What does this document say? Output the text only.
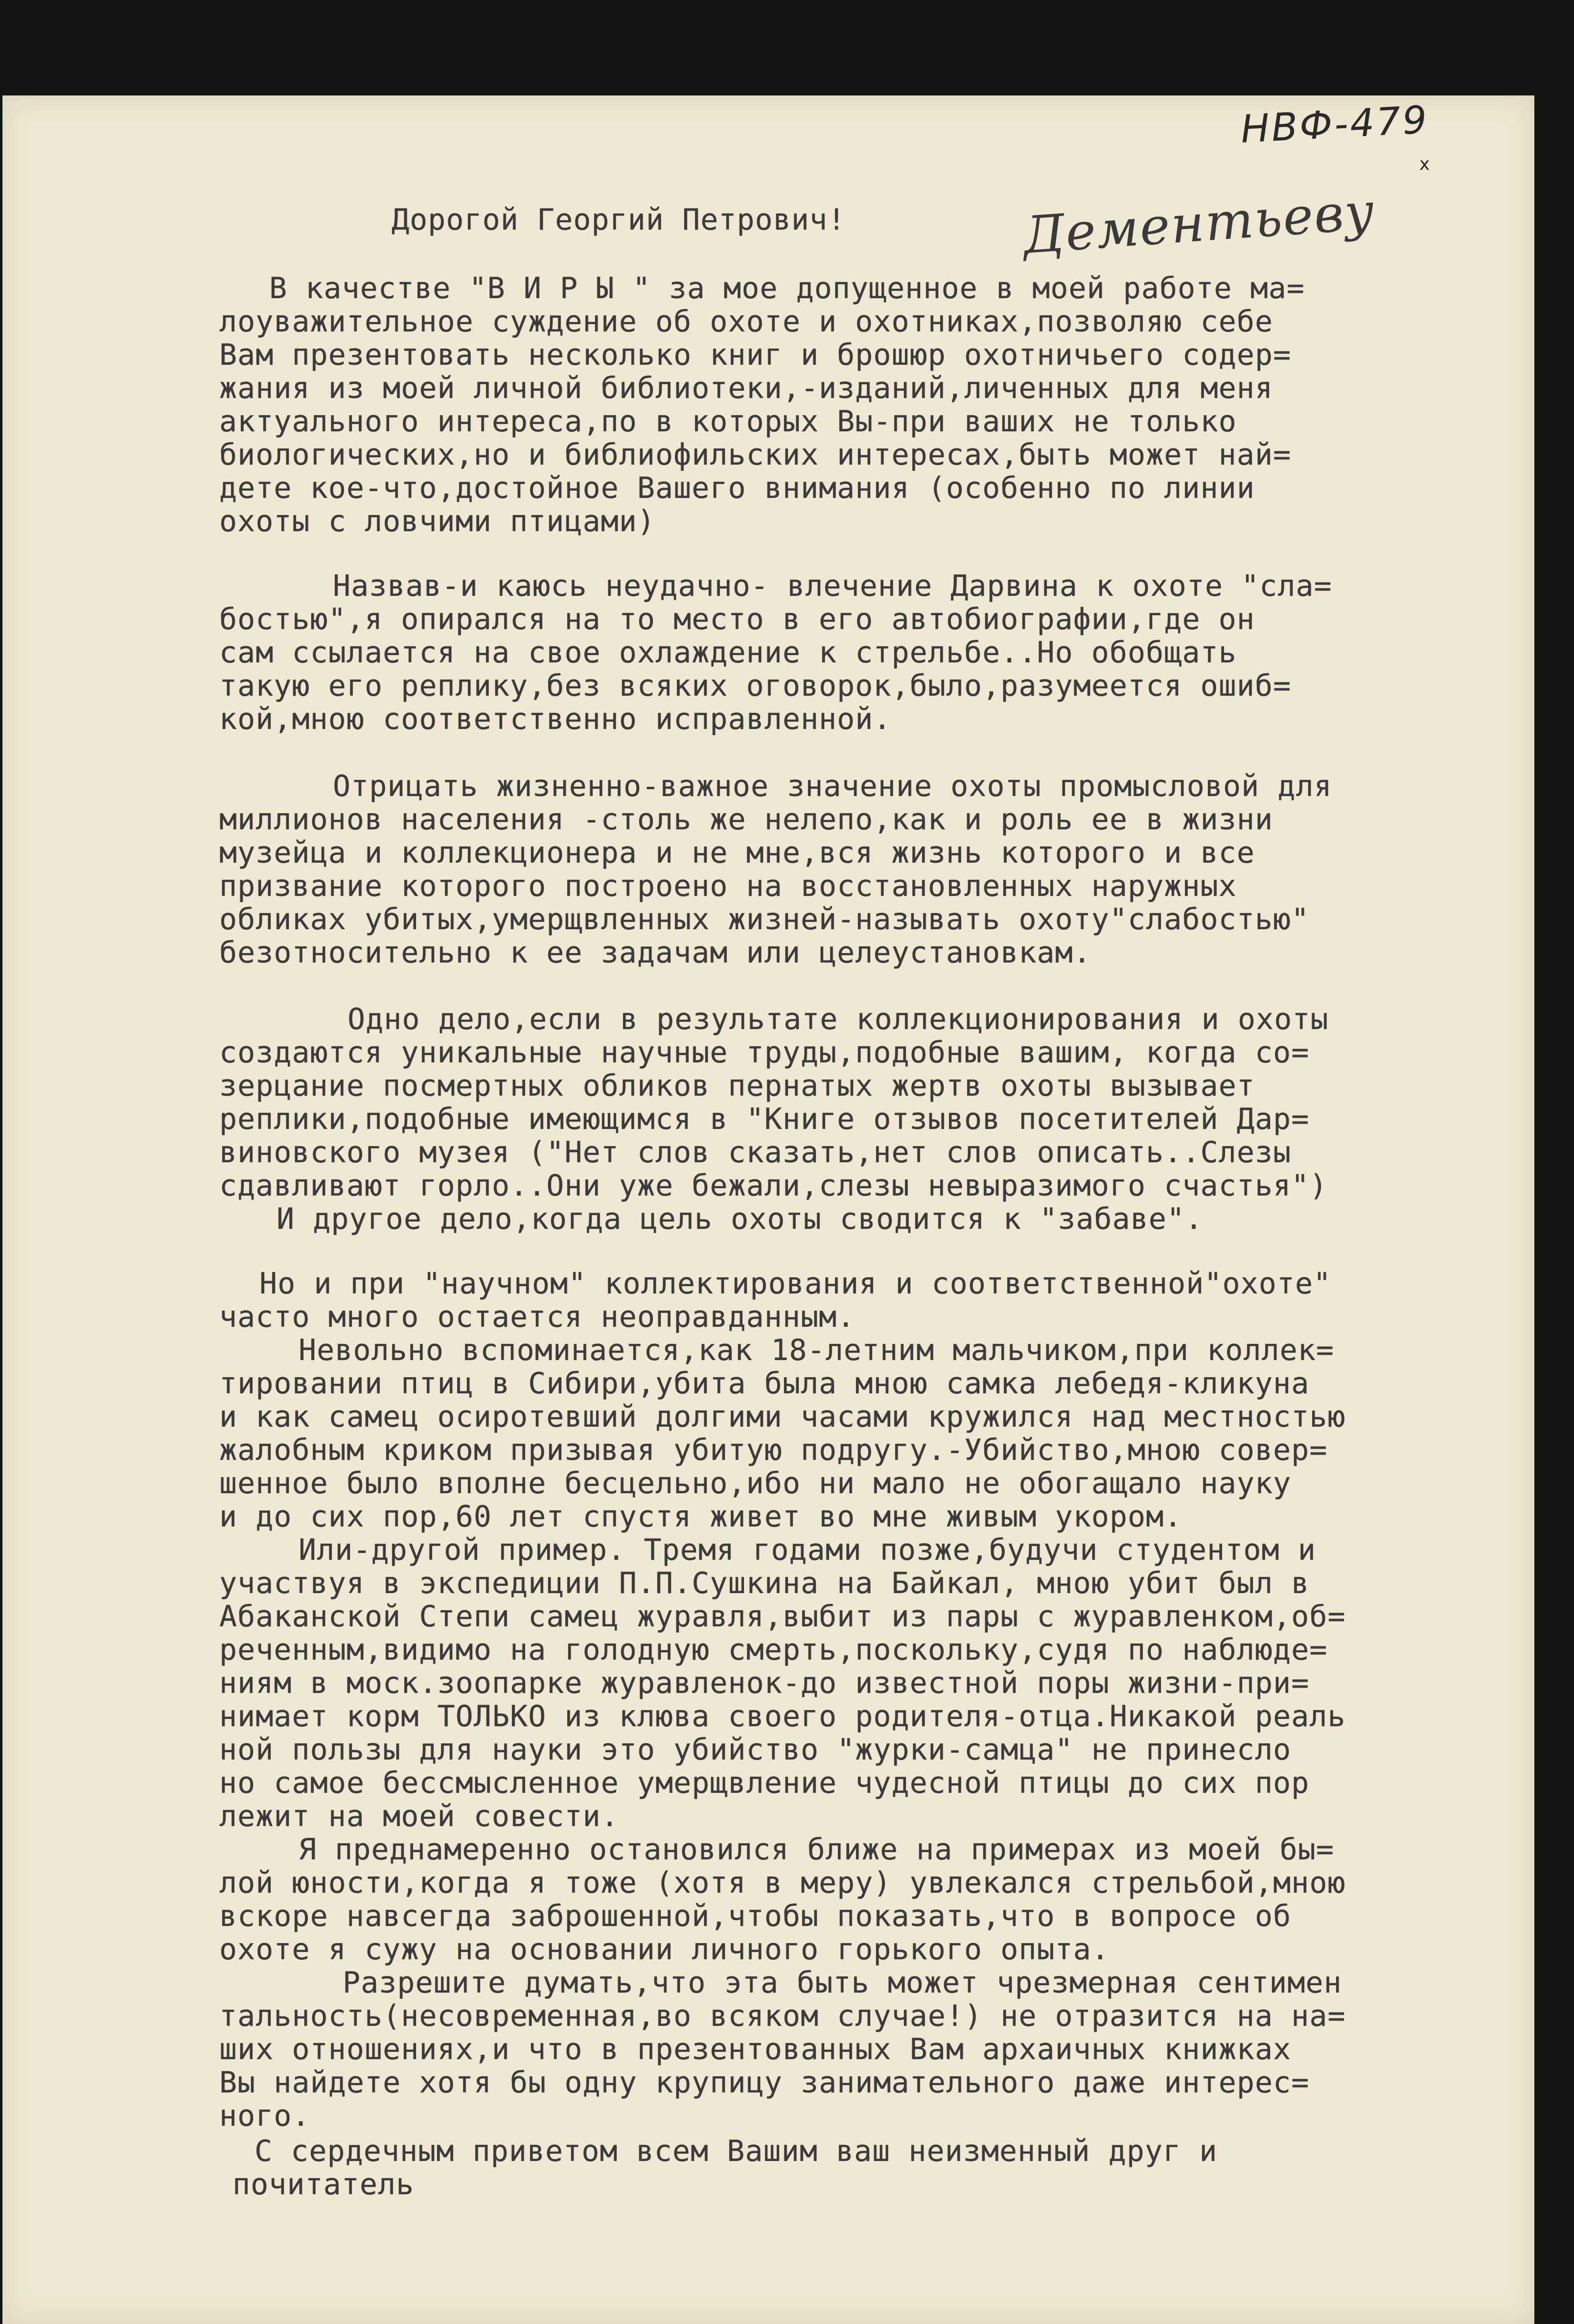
НВФ-479
x
Дементьеву
Дорогой Георгий Петрович!
В качестве "В И Р Ы " за мое допущенное в моей работе ма=
лоуважительное суждение об охоте и охотниках,позволяю себе
Вам презентовать несколько книг и брошюр охотничьего содер=
жания из моей личной библиотеки,-изданий,личенных для меня
актуального интереса,по в которых Вы-при ваших не только
биологических,но и библиофильских интересах,быть может най=
дете кое-что,достойное Вашего внимания (особенно по линии
охоты с ловчими птицами)
Назвав-и каюсь неудачно- влечение Дарвина к охоте "сла=
бостью",я опирался на то место в его автобиографии,где он
сам ссылается на свое охлаждение к стрельбе..Но обобщать
такую его реплику,без всяких оговорок,было,разумеется ошиб=
кой,мною соответственно исправленной.
Отрицать жизненно-важное значение охоты промысловой для
миллионов населения -столь же нелепо,как и роль ее в жизни
музейца и коллекционера и не мне,вся жизнь которого и все
призвание которого построено на восстановленных наружных
обликах убитых,умерщвленных жизней-называть охоту"слабостью"
безотносительно к ее задачам или целеустановкам.
Одно дело,если в результате коллекционирования и охоты
создаются уникальные научные труды,подобные вашим, когда со=
зерцание посмертных обликов пернатых жертв охоты вызывает
реплики,подобные имеющимся в "Книге отзывов посетителей Дар=
виновского музея ("Нет слов сказать,нет слов описать..Слезы
сдавливают горло..Они уже бежали,слезы невыразимого счастья")
И другое дело,когда цель охоты сводится к "забаве".
Но и при "научном" коллектирования и соответственной"охоте"
часто много остается неоправданным.
Невольно вспоминается,как 18-летним мальчиком,при коллек=
тировании птиц в Сибири,убита была мною самка лебедя-кликуна
и как самец осиротевший долгими часами кружился над местностью
жалобным криком призывая убитую подругу.-Убийство,мною совер=
шенное было вполне бесцельно,ибо ни мало не обогащало науку
и до сих пор,60 лет спустя живет во мне живым укором.
Или-другой пример. Тремя годами позже,будучи студентом и
участвуя в экспедиции П.П.Сушкина на Байкал, мною убит был в
Абаканской Степи самец журавля,выбит из пары с журавленком,об=
реченным,видимо на голодную смерть,поскольку,судя по наблюде=
ниям в моск.зоопарке журавленок-до известной поры жизни-при=
нимает корм ТОЛЬКО из клюва своего родителя-отца.Никакой реаль
ной пользы для науки это убийство "журки-самца" не принесло
но самое бессмысленное умерщвление чудесной птицы до сих пор
лежит на моей совести.
Я преднамеренно остановился ближе на примерах из моей бы=
лой юности,когда я тоже (хотя в меру) увлекался стрельбой,мною
вскоре навсегда заброшенной,чтобы показать,что в вопросе об
охоте я сужу на основании личного горького опыта.
Разрешите думать,что эта быть может чрезмерная сентимен
тальность(несовременная,во всяком случае!) не отразится на на=
ших отношениях,и что в презентованных Вам архаичных книжках
Вы найдете хотя бы одну крупицу занимательного даже интерес=
ного.
С сердечным приветом всем Вашим ваш неизменный друг и
почитатель
